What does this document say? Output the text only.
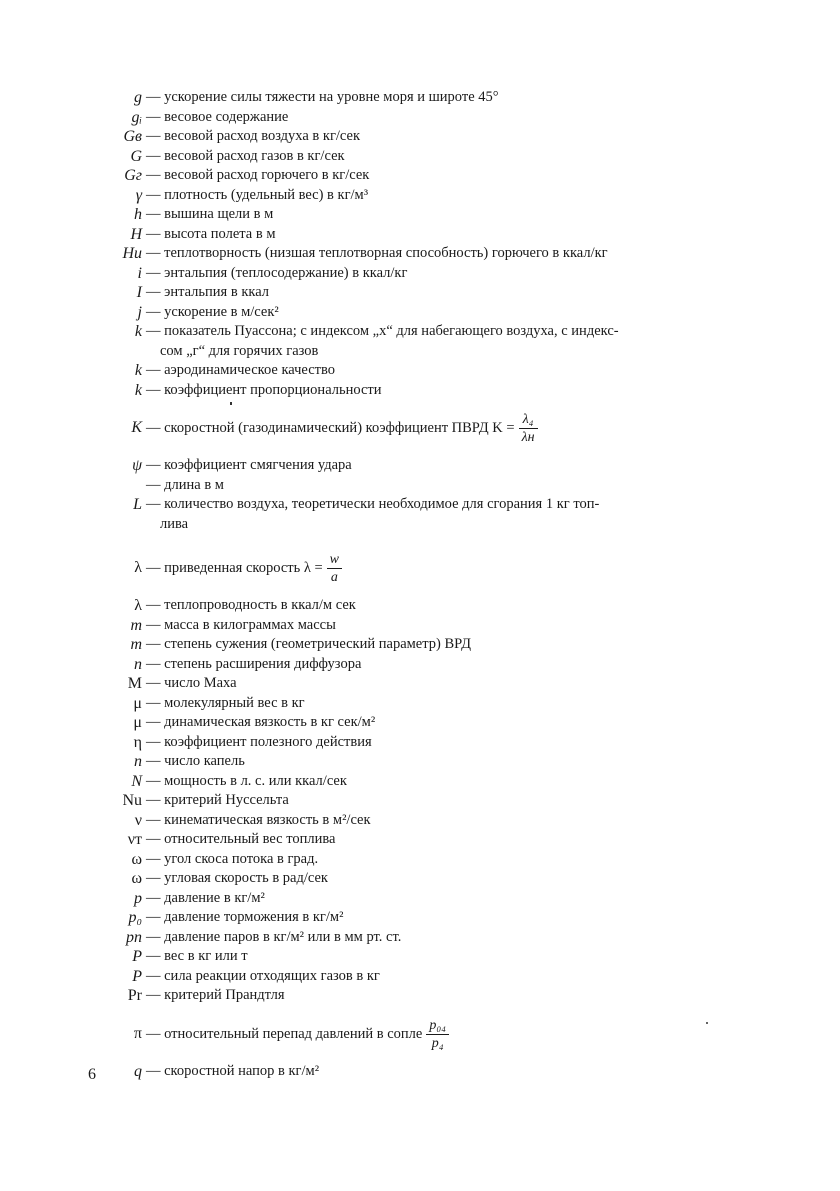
g — ускорение силы тяжести на уровне моря и широте 45°
gᵢ — весовое содержание
Gв — весовой расход воздуха в кг/сек
G — весовой расход газов в кг/сек
Gг — весовой расход горючего в кг/сек
γ — плотность (удельный вес) в кг/м³
h — вышина щели в м
H — высота полета в м
Hu — теплотворность (низшая теплотворная способность) горючего в ккал/кг
i — энтальпия (теплосодержание) в ккал/кг
I — энтальпия в ккал
j — ускорение в м/сек²
k — показатель Пуассона; с индексом „х“ для набегающего воздуха, с индекс-
сом „г“ для горячих газов
k — аэродинамическое качество
k — коэффициент пропорциональности
K — скоростной (газодинамический) коэффициент ПВРД $K = \frac{\text{λ₄}}{\lambda н}$
ψ — коэффициент смягчения удара
— длина в м
L — количество воздуха, теоретически необходимое для сгорания 1 кг топ-
лива
λ — приведенная скорость $\lambda = \frac{w}{a}$
λ — теплопроводность в ккал/м сек
m — масса в килограммах массы
m — степень сужения (геометрический параметр) ВРД
n — степень расширения диффузора
M — число Маха
μ — молекулярный вес в кг
μ — динамическая вязкость в кг сек/м²
η — коэффициент полезного действия
n — число капель
N — мощность в л. с. или ккал/сек
Nu — критерий Нуссельта
ν — кинематическая вязкость в м²/сек
νт — относительный вес топлива
ω — угол скоса потока в град.
ω — угловая скорость в рад/сек
p — давление в кг/м²
p₀ — давление торможения в кг/м²
pп — давление паров в кг/м² или в мм рт. ст.
P — вес в кг или т
P — сила реакции отходящих газов в кг
Pr — критерий Прандтля
π — относительный перепад давлений в сопле $\frac{\text{p₀₄}}{\text{p₄}}$
q — скоростной напор в кг/м²
6
